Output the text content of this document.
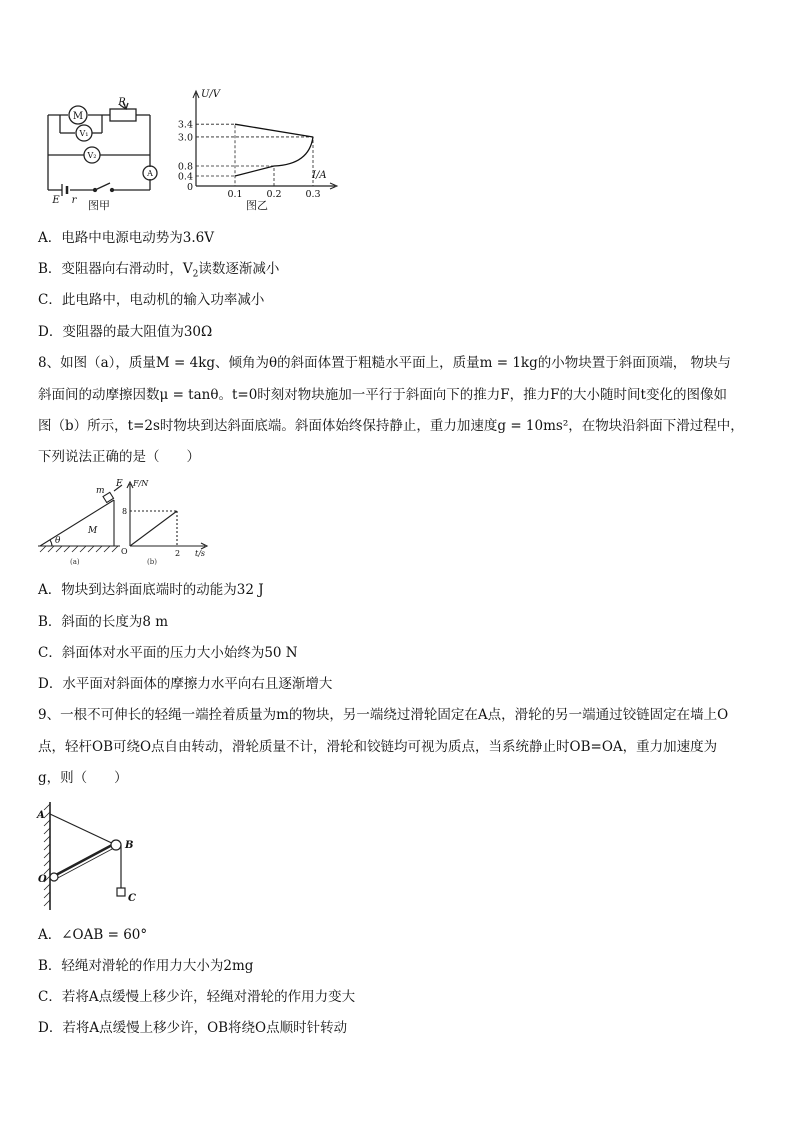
M
V₁
V₂
A
R
E r 图甲
3.4
3.0
0.8
0.4
0
0.1	0.2	0.3
U/V
I/A
图乙
A．电路中电源电动势为3.6V
B．变阻器向右滑动时，$V_2$读数逐渐减小
C．此电路中，电动机的输入功率减小
D．变阻器的最大阻值为30Ω
8、如图（a），质量M = 4kg、倾角为θ的斜面体置于粗糙水平面上，质量m = 1kg的小物块置于斜面顶端， 物块与
斜面间的动摩擦因数μ = tanθ。t=0时刻对物块施加一平行于斜面向下的推力F，推力F的大小随时间t变化的图像如
图（b）所示，t=2s时物块到达斜面底端。斜面体始终保持静止，重力加速度g = 10ms²，在物块沿斜面下滑过程中，
下列说法正确的是（　　）
m
F
M
θ
(a)
F/N
t/s
O
8
2
(b)
A．物块到达斜面底端时的动能为32 J
B．斜面的长度为8 m
C．斜面体对水平面的压力大小始终为50 N
D．水平面对斜面体的摩擦力水平向右且逐渐增大
9、一根不可伸长的轻绳一端拴着质量为m的物块，另一端绕过滑轮固定在A点，滑轮的另一端通过铰链固定在墙上O
点，轻杆OB可绕O点自由转动，滑轮质量不计，滑轮和铰链均可视为质点，当系统静止时OB=OA，重力加速度为
g，则（　　）
A
B
O
C
A．∠OAB = 60°
B．轻绳对滑轮的作用力大小为2mg
C．若将A点缓慢上移少许，轻绳对滑轮的作用力变大
D．若将A点缓慢上移少许，OB将绕O点顺时针转动
